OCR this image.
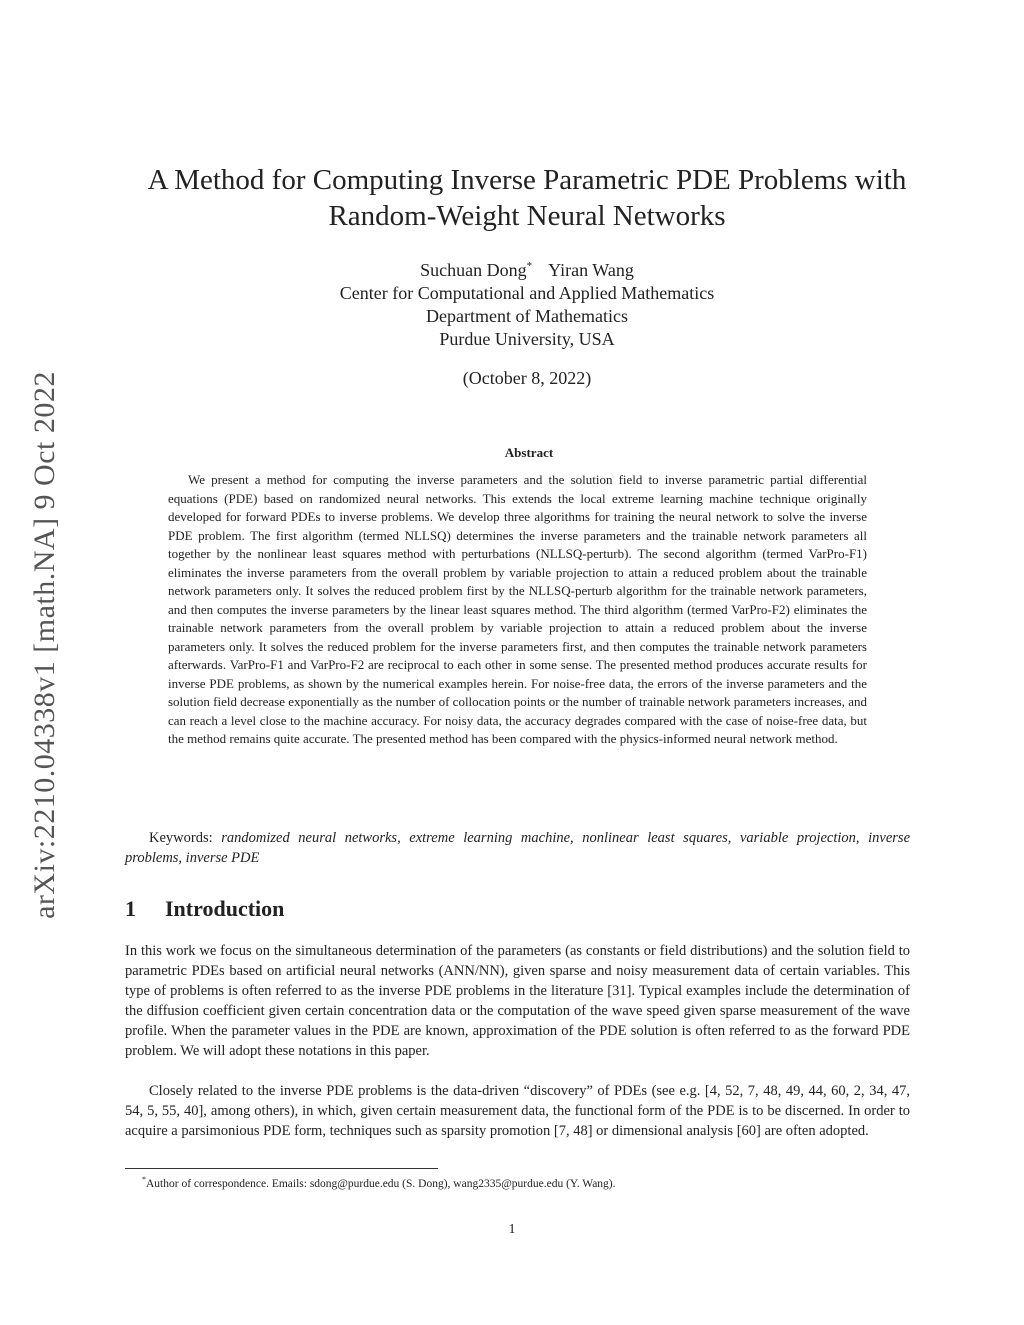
arXiv:2210.04338v1 [math.NA] 9 Oct 2022
A Method for Computing Inverse Parametric PDE Problems with
Random-Weight Neural Networks
Suchuan Dong* Yiran Wang
Center for Computational and Applied Mathematics
Department of Mathematics
Purdue University, USA
(October 8, 2022)
Abstract

We present a method for computing the inverse parameters and the solution field to inverse parametric partial differential equations (PDE) based on randomized neural networks. This extends the local extreme learning machine technique originally developed for forward PDEs to inverse problems. We develop three algorithms for training the neural network to solve the inverse PDE problem. The first algorithm (termed NLLSQ) determines the inverse parameters and the trainable network parameters all together by the nonlinear least squares method with perturbations (NLLSQ-perturb). The second algorithm (termed VarPro-F1) eliminates the inverse parameters from the overall problem by variable projection to attain a reduced problem about the trainable network parameters only. It solves the reduced problem first by the NLLSQ-perturb algorithm for the trainable network parameters, and then computes the inverse parameters by the linear least squares method. The third algorithm (termed VarPro-F2) eliminates the trainable network parameters from the overall problem by variable projection to attain a reduced problem about the inverse parameters only. It solves the reduced problem for the inverse parameters first, and then computes the trainable network parameters afterwards. VarPro-F1 and VarPro-F2 are reciprocal to each other in some sense. The presented method produces accurate results for inverse PDE problems, as shown by the numerical examples herein. For noise-free data, the errors of the inverse parameters and the solution field decrease exponentially as the number of collocation points or the number of trainable network parameters increases, and can reach a level close to the machine accuracy. For noisy data, the accuracy degrades compared with the case of noise-free data, but the method remains quite accurate. The presented method has been compared with the physics-informed neural network method.

Keywords: randomized neural networks, extreme learning machine, nonlinear least squares, variable projection, inverse problems, inverse PDE

1 Introduction

In this work we focus on the simultaneous determination of the parameters (as constants or field distributions) and the solution field to parametric PDEs based on artificial neural networks (ANN/NN), given sparse and noisy measurement data of certain variables. This type of problems is often referred to as the inverse PDE problems in the literature [31]. Typical examples include the determination of the diffusion coefficient given certain concentration data or the computation of the wave speed given sparse measurement of the wave profile. When the parameter values in the PDE are known, approximation of the PDE solution is often referred to as the forward PDE problem. We will adopt these notations in this paper.

Closely related to the inverse PDE problems is the data-driven “discovery” of PDEs (see e.g. [4, 52, 7, 48, 49, 44, 60, 2, 34, 47, 54, 5, 55, 40], among others), in which, given certain measurement data, the functional form of the PDE is to be discerned. In order to acquire a parsimonious PDE form, techniques such as sparsity promotion [7, 48] or dimensional analysis [60] are often adopted.

*Author of correspondence. Emails: sdong@purdue.edu (S. Dong), wang2335@purdue.edu (Y. Wang).
1
